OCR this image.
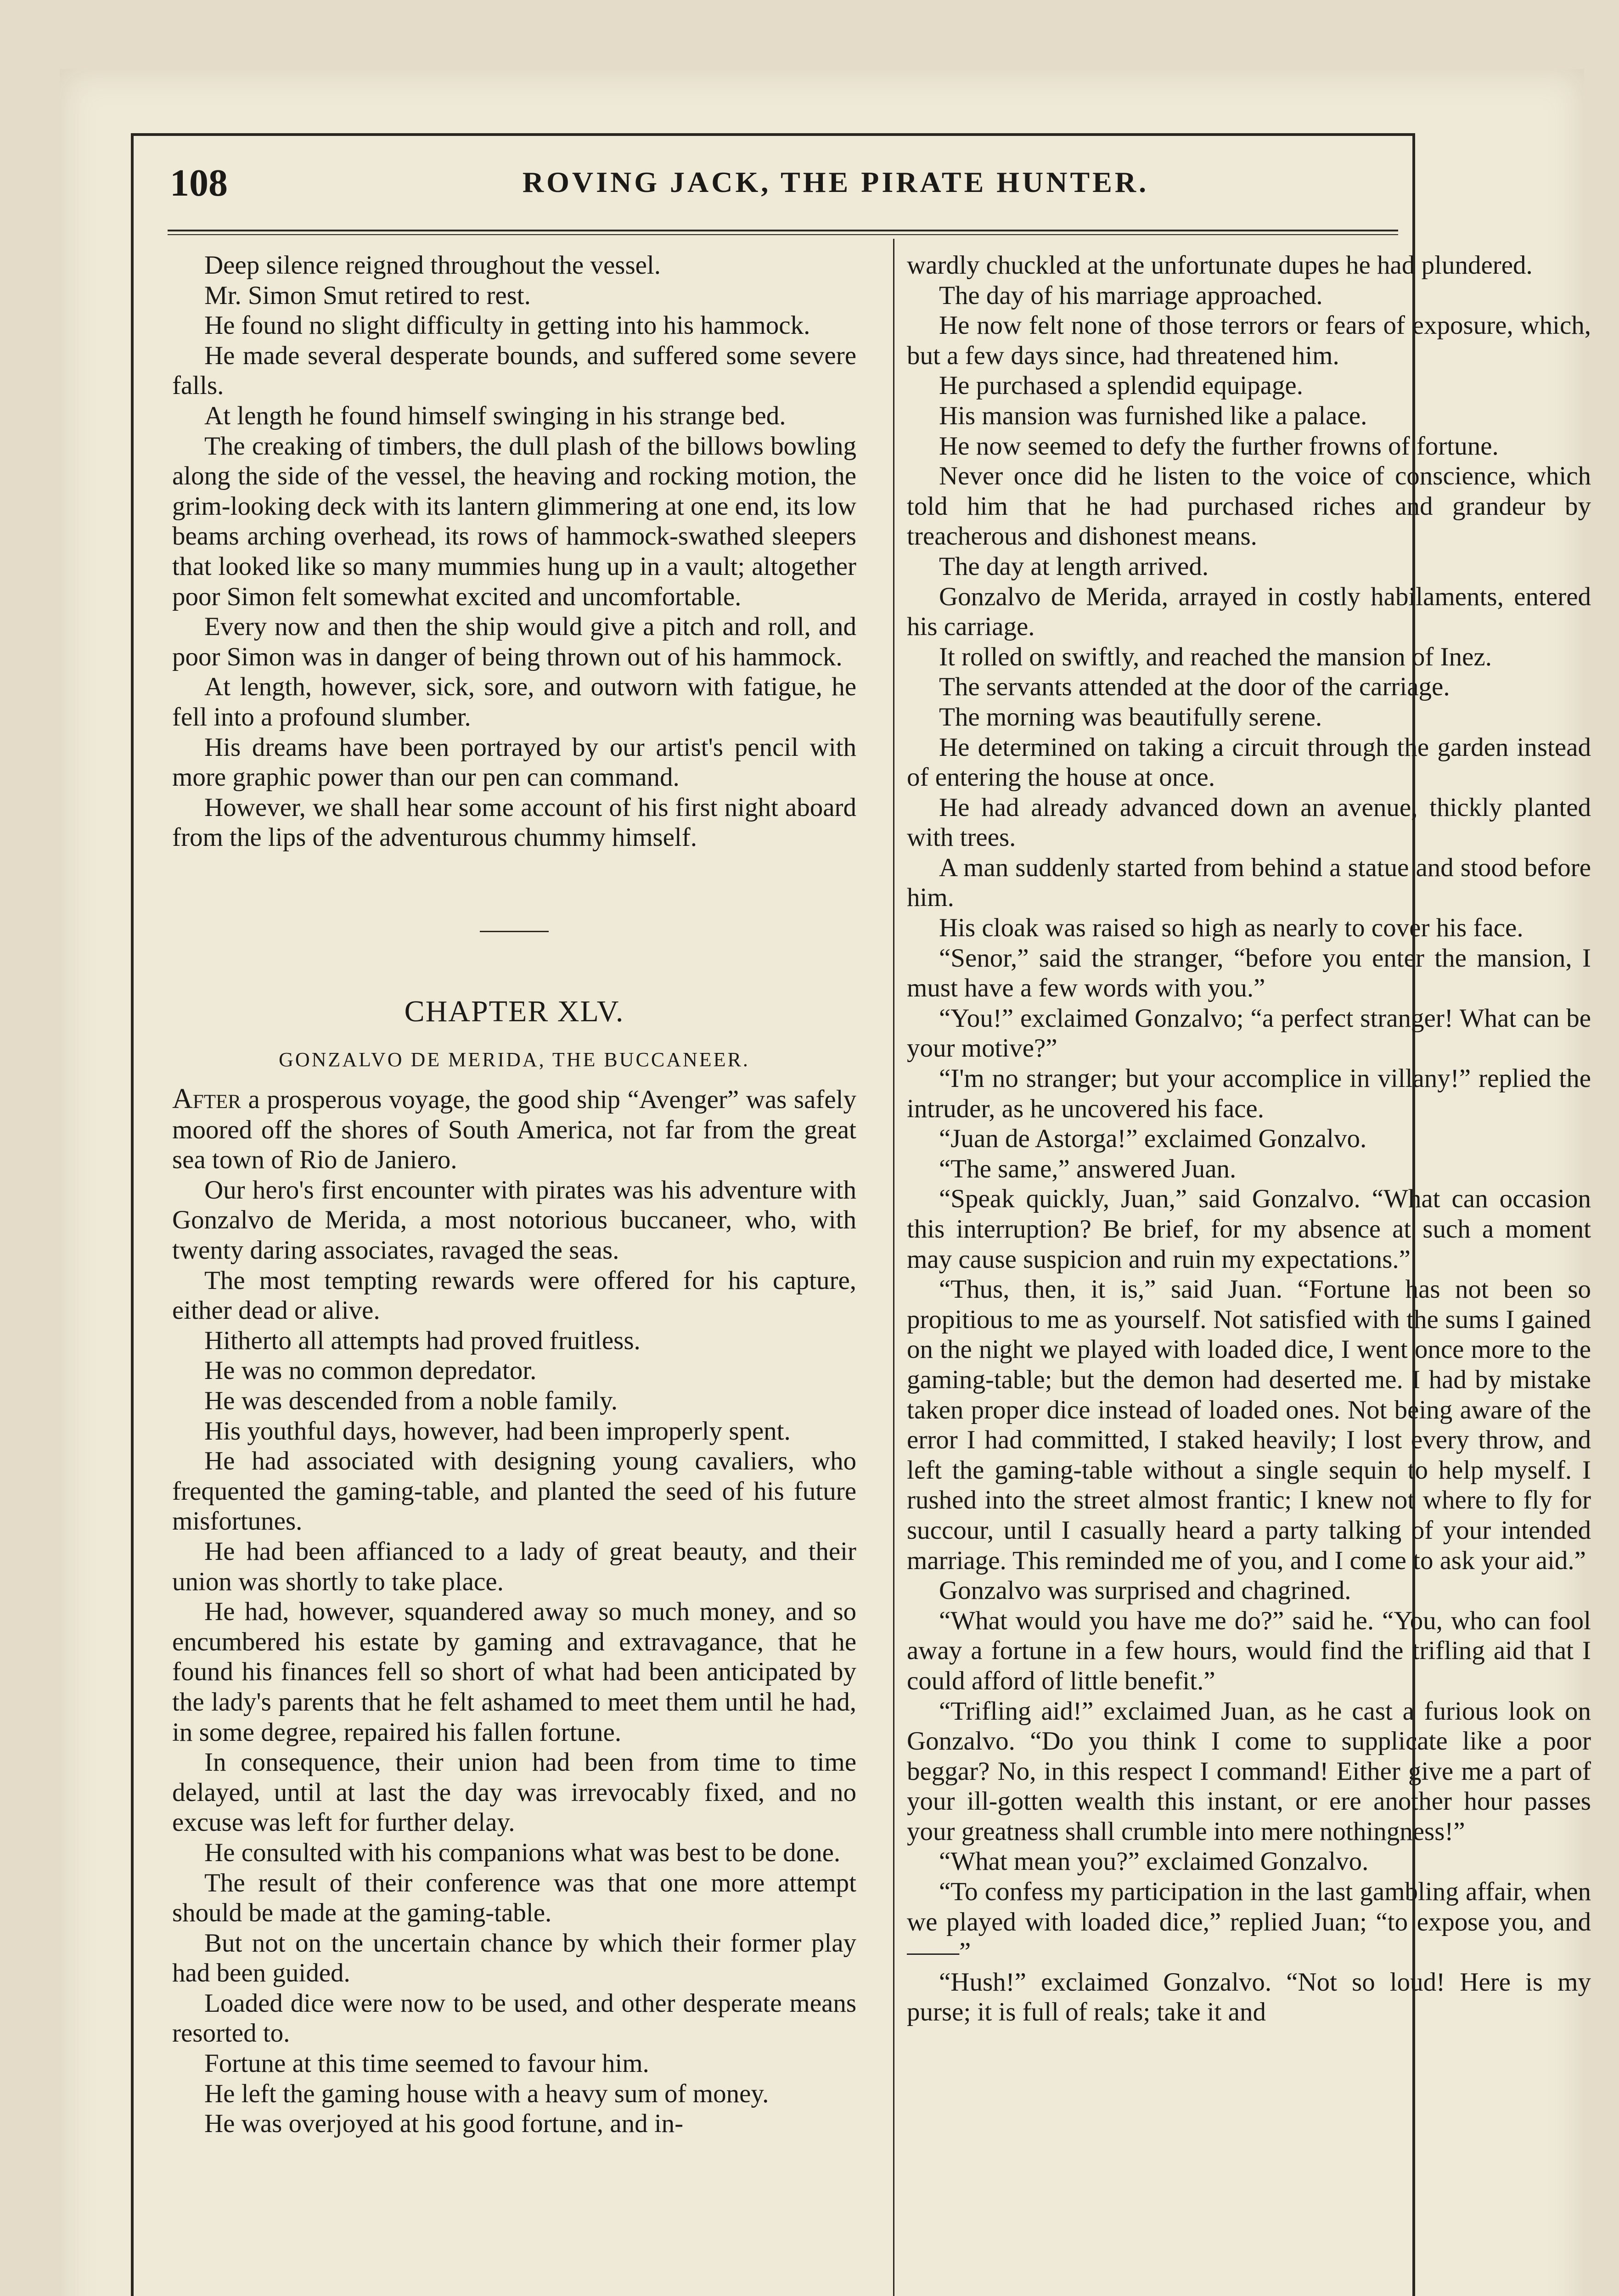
108	ROVING JACK, THE PIRATE HUNTER.

Deep silence reigned throughout the vessel.

Mr. Simon Smut retired to rest.

He found no slight difficulty in getting into his hammock.

He made several desperate bounds, and suffered some severe falls.

At length he found himself swinging in his strange bed.

The creaking of timbers, the dull plash of the billows bowling along the side of the vessel, the heaving and rocking motion, the grim-looking deck with its lantern glimmering at one end, its low beams arching overhead, its rows of hammock-swathed sleepers that looked like so many mummies hung up in a vault; altogether poor Simon felt somewhat excited and uncomfortable.

Every now and then the ship would give a pitch and roll, and poor Simon was in danger of being thrown out of his hammock.

At length, however, sick, sore, and outworn with fatigue, he fell into a profound slumber.

His dreams have been portrayed by our artist's pencil with more graphic power than our pen can command.

However, we shall hear some account of his first night aboard from the lips of the adventurous chummy himself.

CHAPTER XLV.

GONZALVO DE MERIDA, THE BUCCANEER.

After a prosperous voyage, the good ship “Avenger” was safely moored off the shores of South America, not far from the great sea town of Rio de Janiero.

Our hero's first encounter with pirates was his adventure with Gonzalvo de Merida, a most notorious buccaneer, who, with twenty daring associates, ravaged the seas.

The most tempting rewards were offered for his capture, either dead or alive.

Hitherto all attempts had proved fruitless.

He was no common depredator.

He was descended from a noble family.

His youthful days, however, had been improperly spent.

He had associated with designing young cavaliers, who frequented the gaming-table, and planted the seed of his future misfortunes.

He had been affianced to a lady of great beauty, and their union was shortly to take place.

He had, however, squandered away so much money, and so encumbered his estate by gaming and extravagance, that he found his finances fell so short of what had been anticipated by the lady's parents that he felt ashamed to meet them until he had, in some degree, repaired his fallen fortune.

In consequence, their union had been from time to time delayed, until at last the day was irrevocably fixed, and no excuse was left for further delay.

He consulted with his companions what was best to be done.

The result of their conference was that one more attempt should be made at the gaming-table.

But not on the uncertain chance by which their former play had been guided.

Loaded dice were now to be used, and other desperate means resorted to.

Fortune at this time seemed to favour him.

He left the gaming house with a heavy sum of money.

He was overjoyed at his good fortune, and in-

wardly chuckled at the unfortunate dupes he had plundered.

The day of his marriage approached.

He now felt none of those terrors or fears of exposure, which, but a few days since, had threatened him.

He purchased a splendid equipage.

His mansion was furnished like a palace.

He now seemed to defy the further frowns of fortune.

Never once did he listen to the voice of conscience, which told him that he had purchased riches and grandeur by treacherous and dishonest means.

The day at length arrived.

Gonzalvo de Merida, arrayed in costly habilaments, entered his carriage.

It rolled on swiftly, and reached the mansion of Inez.

The servants attended at the door of the carriage.

The morning was beautifully serene.

He determined on taking a circuit through the garden instead of entering the house at once.

He had already advanced down an avenue, thickly planted with trees.

A man suddenly started from behind a statue and stood before him.

His cloak was raised so high as nearly to cover his face.

“Senor,” said the stranger, “before you enter the mansion, I must have a few words with you.”

“You!” exclaimed Gonzalvo; “a perfect stranger! What can be your motive?”

“I'm no stranger; but your accomplice in villany!” replied the intruder, as he uncovered his face.

“Juan de Astorga!” exclaimed Gonzalvo.

“The same,” answered Juan.

“Speak quickly, Juan,” said Gonzalvo. “What can occasion this interruption? Be brief, for my absence at such a moment may cause suspicion and ruin my expectations.”

“Thus, then, it is,” said Juan. “Fortune has not been so propitious to me as yourself. Not satisfied with the sums I gained on the night we played with loaded dice, I went once more to the gaming-table; but the demon had deserted me. I had by mistake taken proper dice instead of loaded ones. Not being aware of the error I had committed, I staked heavily; I lost every throw, and left the gaming-table without a single sequin to help myself. I rushed into the street almost frantic; I knew not where to fly for succour, until I casually heard a party talking of your intended marriage. This reminded me of you, and I come to ask your aid.”

Gonzalvo was surprised and chagrined.

“What would you have me do?” said he. “You, who can fool away a fortune in a few hours, would find the trifling aid that I could afford of little benefit.”

“Trifling aid!” exclaimed Juan, as he cast a furious look on Gonzalvo. “Do you think I come to supplicate like a poor beggar? No, in this respect I command! Either give me a part of your ill-gotten wealth this instant, or ere another hour passes your greatness shall crumble into mere nothingness!”

“What mean you?” exclaimed Gonzalvo.

“To confess my participation in the last gambling affair, when we played with loaded dice,” replied Juan; “to expose you, and——”

“Hush!” exclaimed Gonzalvo. “Not so loud! Here is my purse; it is full of reals; take it and
